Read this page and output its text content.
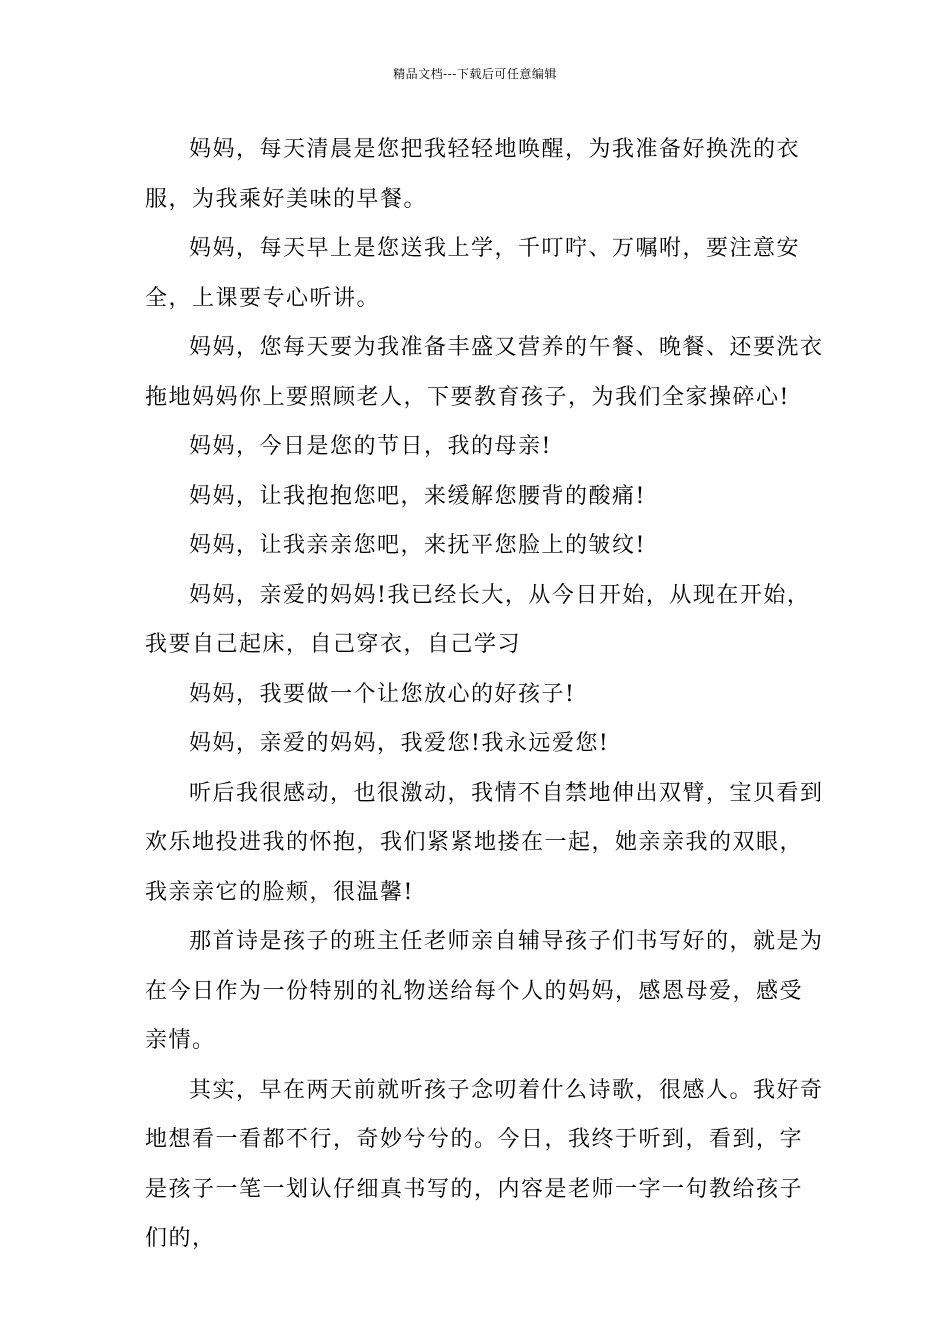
精品文档---下载后可任意编辑

妈妈，每天清晨是您把我轻轻地唤醒，为我准备好换洗的衣服，为我乘好美味的早餐。

妈妈，每天早上是您送我上学，千叮咛、万嘱咐，要注意安全，上课要专心听讲。

妈妈，您每天要为我准备丰盛又营养的午餐、晚餐、还要洗衣拖地妈妈你上要照顾老人，下要教育孩子，为我们全家操碎心!

妈妈，今日是您的节日，我的母亲!

妈妈，让我抱抱您吧，来缓解您腰背的酸痛!

妈妈，让我亲亲您吧，来抚平您脸上的皱纹!

妈妈，亲爱的妈妈!我已经长大，从今日开始，从现在开始，我要自己起床，自己穿衣，自己学习

妈妈，我要做一个让您放心的好孩子!

妈妈，亲爱的妈妈，我爱您!我永远爱您!

听后我很感动，也很激动，我情不自禁地伸出双臂，宝贝看到欢乐地投进我的怀抱，我们紧紧地搂在一起，她亲亲我的双眼，我亲亲它的脸颊，很温馨!

那首诗是孩子的班主任老师亲自辅导孩子们书写好的，就是为在今日作为一份特别的礼物送给每个人的妈妈，感恩母爱，感受亲情。

其实，早在两天前就听孩子念叨着什么诗歌，很感人。我好奇地想看一看都不行，奇妙兮兮的。今日，我终于听到，看到，字是孩子一笔一划认仔细真书写的，内容是老师一字一句教给孩子们的，
